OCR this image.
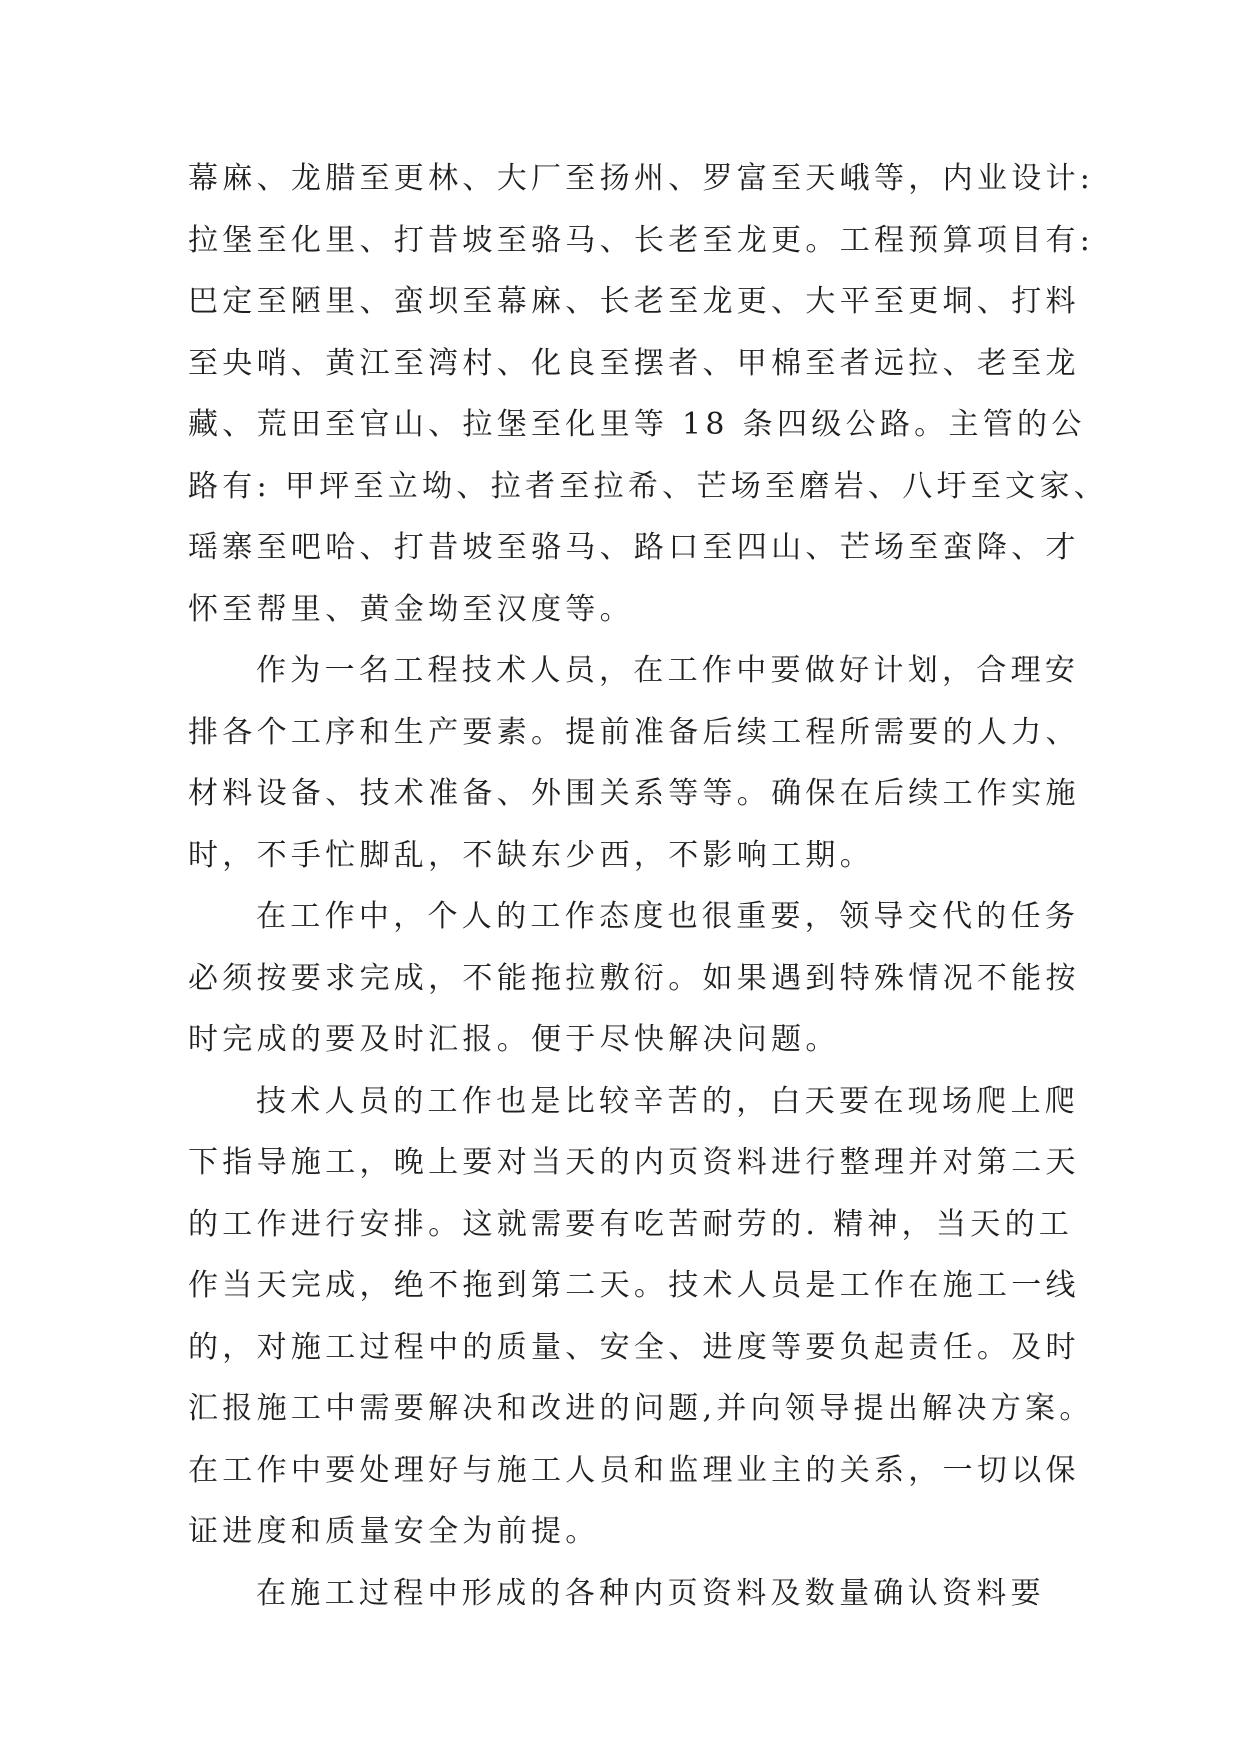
幕麻、龙腊至更林、大厂至扬州、罗富至天峨等，内业设计:
拉堡至化里、打昔坡至骆马、长老至龙更。工程预算项目有:
巴定至陋里、蛮坝至幕麻、长老至龙更、大平至更垌、打料
至央哨、黄江至湾村、化良至摆者、甲棉至者远拉、老至龙
藏、荒田至官山、拉堡至化里等 18 条四级公路。主管的公
路有: 甲坪至立坳、拉者至拉希、芒场至磨岩、八圩至文家、
瑶寨至吧哈、打昔坡至骆马、路口至四山、芒场至蛮降、才
怀至帮里、黄金坳至汉度等。
作为一名工程技术人员，在工作中要做好计划，合理安
排各个工序和生产要素。提前准备后续工程所需要的人力、
材料设备、技术准备、外围关系等等。确保在后续工作实施
时，不手忙脚乱，不缺东少西，不影响工期。
在工作中，个人的工作态度也很重要，领导交代的任务
必须按要求完成，不能拖拉敷衍。如果遇到特殊情况不能按
时完成的要及时汇报。便于尽快解决问题。
技术人员的工作也是比较辛苦的，白天要在现场爬上爬
下指导施工，晚上要对当天的内页资料进行整理并对第二天
的工作进行安排。这就需要有吃苦耐劳的. 精神，当天的工
作当天完成，绝不拖到第二天。技术人员是工作在施工一线
的，对施工过程中的质量、安全、进度等要负起责任。及时
汇报施工中需要解决和改进的问题,并向领导提出解决方案。
在工作中要处理好与施工人员和监理业主的关系，一切以保
证进度和质量安全为前提。
在施工过程中形成的各种内页资料及数量确认资料要
